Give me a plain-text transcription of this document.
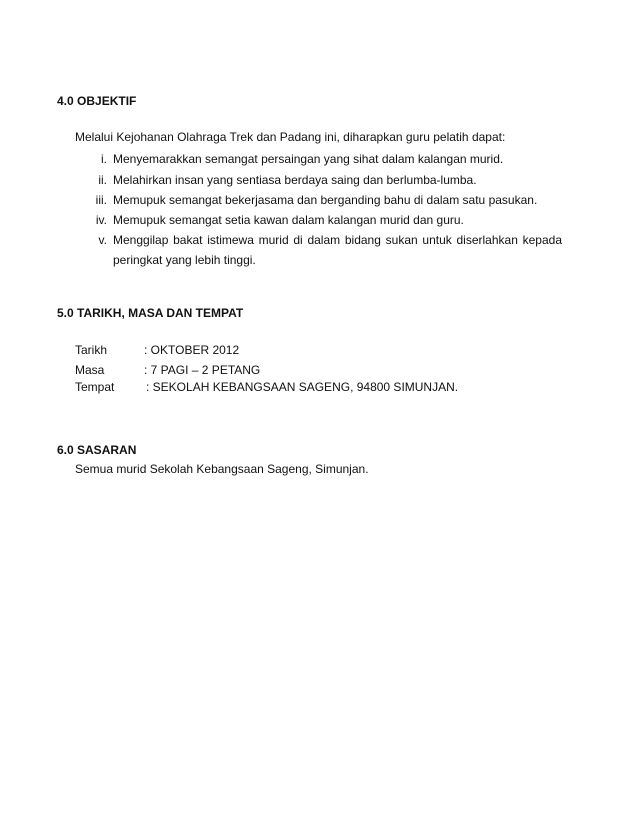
4.0 OBJEKTIF
Melalui Kejohanan Olahraga Trek dan Padang ini, diharapkan guru pelatih dapat:
i. Menyemarakkan semangat persaingan yang sihat dalam kalangan murid.
ii. Melahirkan insan yang sentiasa berdaya saing dan berlumba-lumba.
iii. Memupuk semangat bekerjasama dan berganding bahu di dalam satu pasukan.
iv. Memupuk semangat setia kawan dalam kalangan murid dan guru.
v. Menggilap bakat istimewa murid di dalam bidang sukan untuk diserlahkan kepada
peringkat yang lebih tinggi.
5.0 TARIKH, MASA DAN TEMPAT
Tarikh	: OKTOBER 2012
Masa	: 7 PAGI – 2 PETANG
Tempat	: SEKOLAH KEBANGSAAN SAGENG, 94800 SIMUNJAN.
6.0 SASARAN
Semua murid Sekolah Kebangsaan Sageng, Simunjan.
